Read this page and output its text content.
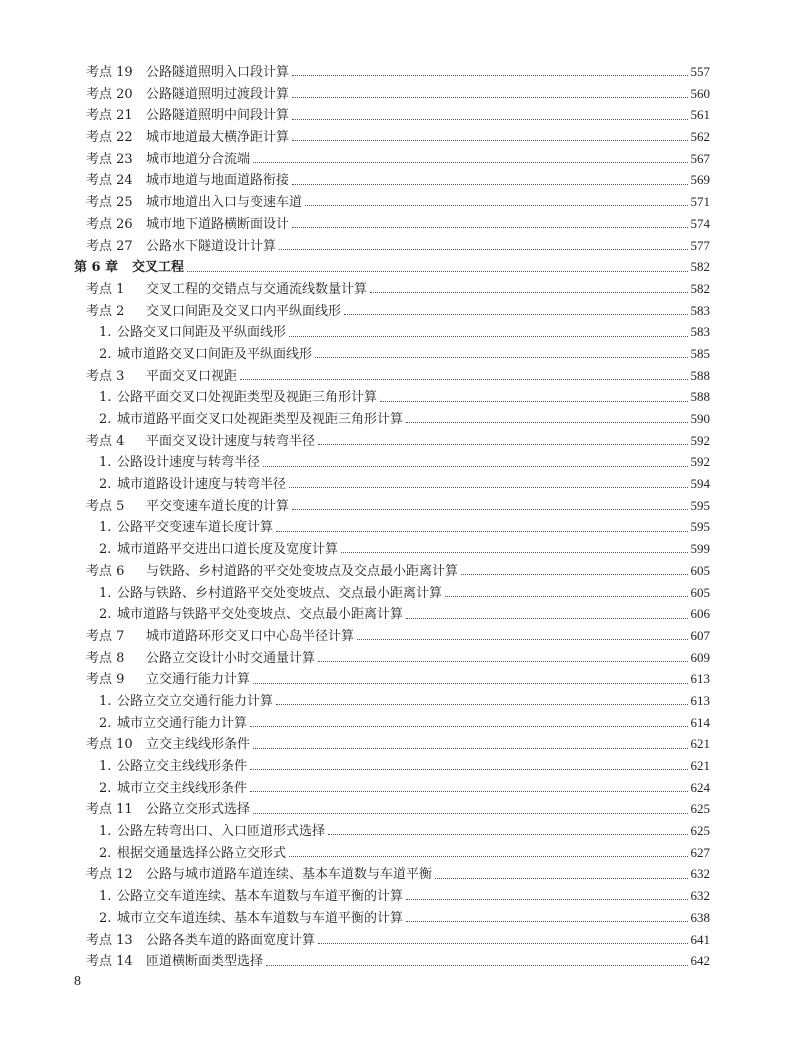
考点 19 公路隧道照明入口段计算	557
考点 20 公路隧道照明过渡段计算	560
考点 21 公路隧道照明中间段计算	561
考点 22 城市地道最大横净距计算	562
考点 23 城市地道分合流端	567
考点 24 城市地道与地面道路衔接	569
考点 25 城市地道出入口与变速车道	571
考点 26 城市地下道路横断面设计	574
考点 27 公路水下隧道设计计算	577
第 6 章 交叉工程	582
考点 1 交叉工程的交错点与交通流线数量计算	582
考点 2 交叉口间距及交叉口内平纵面线形	583
1. 公路交叉口间距及平纵面线形	583
2. 城市道路交叉口间距及平纵面线形	585
考点 3 平面交叉口视距	588
1. 公路平面交叉口处视距类型及视距三角形计算	588
2. 城市道路平面交叉口处视距类型及视距三角形计算	590
考点 4 平面交叉设计速度与转弯半径	592
1. 公路设计速度与转弯半径	592
2. 城市道路设计速度与转弯半径	594
考点 5 平交变速车道长度的计算	595
1. 公路平交变速车道长度计算	595
2. 城市道路平交进出口道长度及宽度计算	599
考点 6 与铁路、乡村道路的平交处变坡点及交点最小距离计算	605
1. 公路与铁路、乡村道路平交处变坡点、交点最小距离计算	605
2. 城市道路与铁路平交处变坡点、交点最小距离计算	606
考点 7 城市道路环形交叉口中心岛半径计算	607
考点 8 公路立交设计小时交通量计算	609
考点 9 立交通行能力计算	613
1. 公路立交立交通行能力计算	613
2. 城市立交通行能力计算	614
考点 10 立交主线线形条件	621
1. 公路立交主线线形条件	621
2. 城市立交主线线形条件	624
考点 11 公路立交形式选择	625
1. 公路左转弯出口、入口匝道形式选择	625
2. 根据交通量选择公路立交形式	627
考点 12 公路与城市道路车道连续、基本车道数与车道平衡	632
1. 公路立交车道连续、基本车道数与车道平衡的计算	632
2. 城市立交车道连续、基本车道数与车道平衡的计算	638
考点 13 公路各类车道的路面宽度计算	641
考点 14 匝道横断面类型选择	642
8
